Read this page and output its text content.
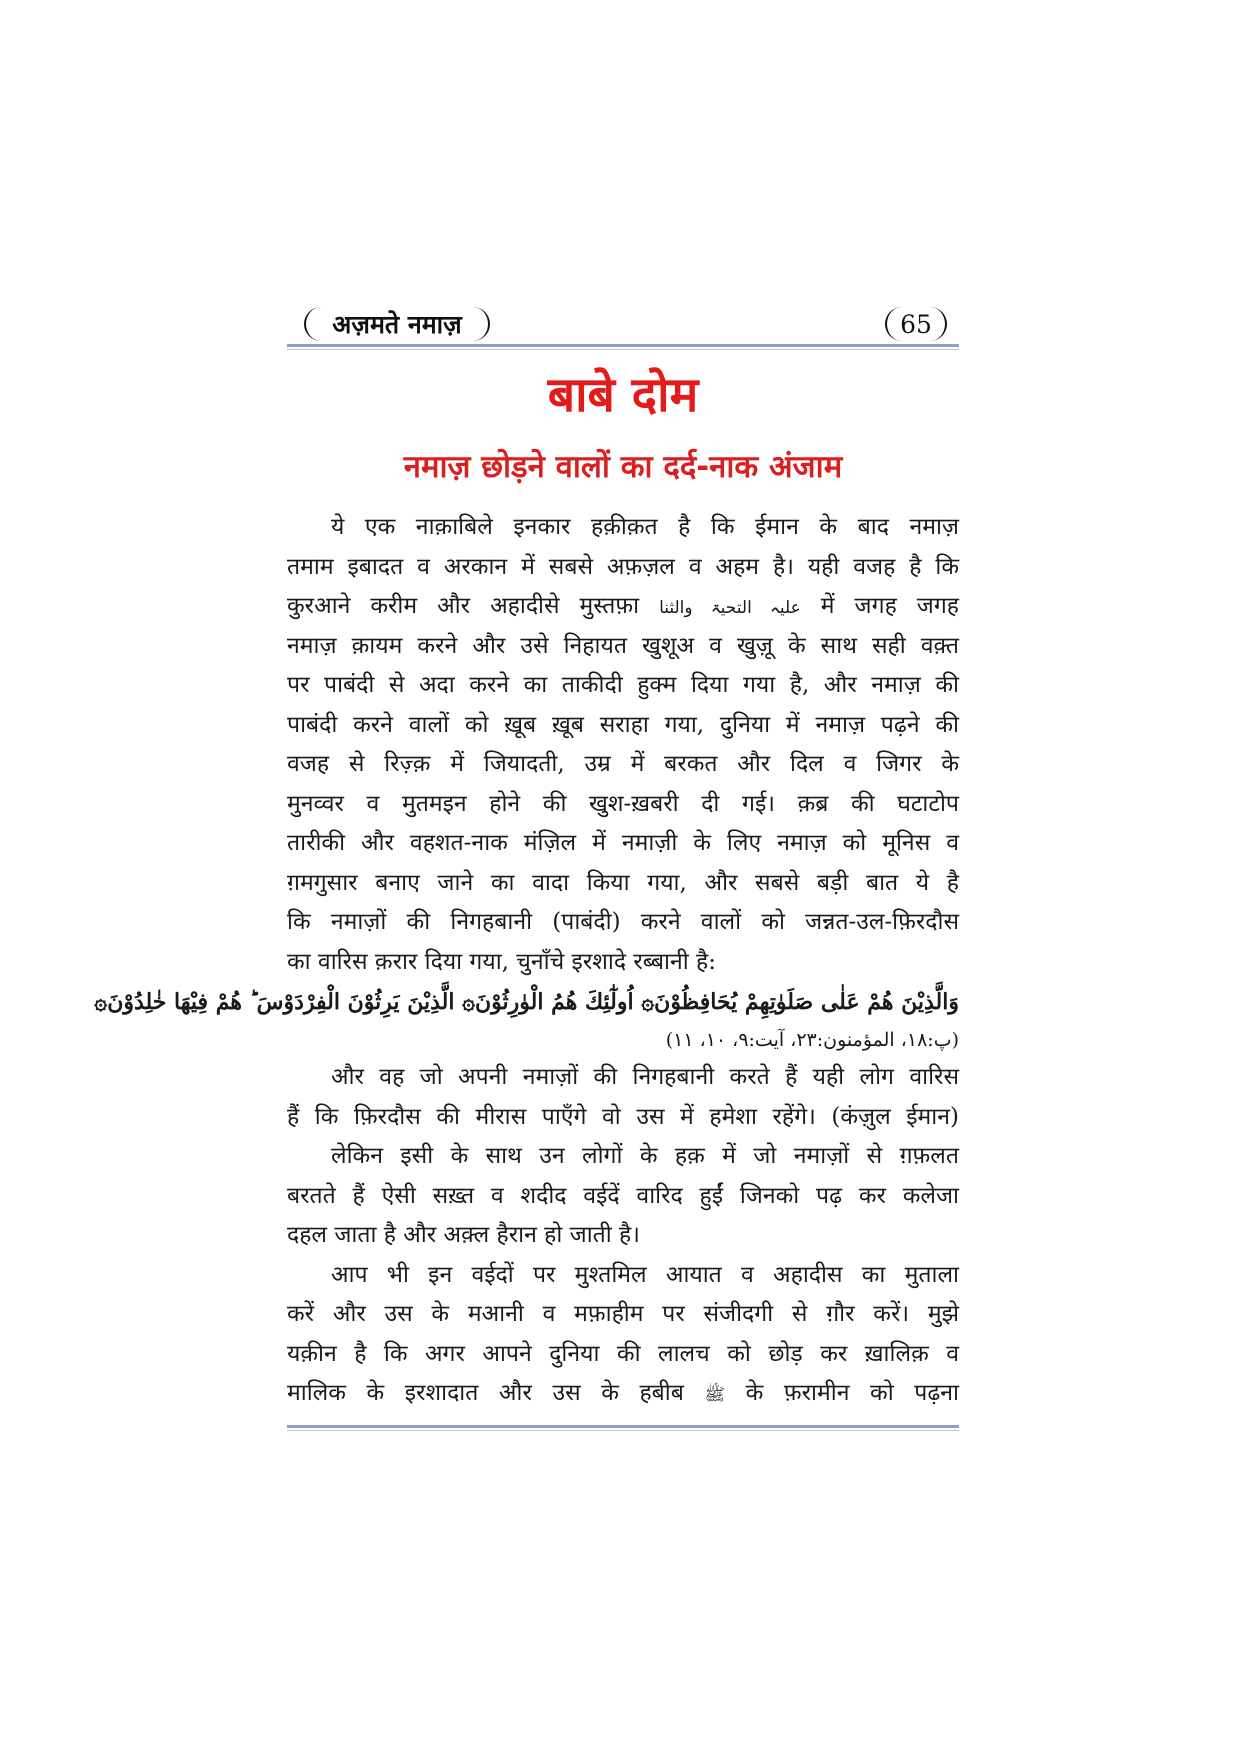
अज़मते नमाज़	65
बाबे दोम
नमाज़ छोड़ने वालों का दर्द-नाक अंजाम
ये एक नाक़ाबिले इनकार हक़ीक़त है कि ईमान के बाद नमाज़
तमाम इबादत व अरकान में सबसे अफ़ज़ल व अहम है। यही वजह है कि
कुरआने करीम और अहादीसे मुस्तफ़ा علیہ التحیۃ والثنا में जगह जगह
नमाज़ क़ायम करने और उसे निहायत खुशूअ व खुज़ू के साथ सही वक़्त
पर पाबंदी से अदा करने का ताकीदी हुक्म दिया गया है, और नमाज़ की
पाबंदी करने वालों को ख़ूब ख़ूब सराहा गया, दुनिया में नमाज़ पढ़ने की
वजह से रिज़्क़ में जियादती, उम्र में बरकत और दिल व जिगर के
मुनव्वर व मुतमइन होने की खुश-ख़बरी दी गई। क़ब्र की घटाटोप
तारीकी और वहशत-नाक मंज़िल में नमाज़ी के लिए नमाज़ को मूनिस व
ग़मगुसार बनाए जाने का वादा किया गया, और सबसे बड़ी बात ये है
कि नमाज़ों की निगहबानी (पाबंदी) करने वालों को जन्नत-उल-फ़िरदौस
का वारिस क़रार दिया गया, चुनाँचे इरशादे रब्बानी है:
وَالَّذِيْنَ هُمْ عَلٰى صَلَوٰتِهِمْ يُحَافِظُوْنَ۞ اُولٰٓئِكَ هُمُ الْوٰرِثُوْنَ۞ الَّذِيْنَ يَرِثُوْنَ الْفِرْدَوْسَ ؕ هُمْ فِيْهَا خٰلِدُوْنَ۞
(پ:۱۸، المؤمنون:۲۳، آیت:۹، ۱۰، ۱۱)
और वह जो अपनी नमाज़ों की निगहबानी करते हैं यही लोग वारिस
हैं कि फ़िरदौस की मीरास पाएँगे वो उस में हमेशा रहेंगे। (कंज़ुल ईमान)
लेकिन इसी के साथ उन लोगों के हक़ में जो नमाज़ों से ग़फ़लत
बरतते हैं ऐसी सख़्त व शदीद वईदें वारिद हुईं जिनको पढ़ कर कलेजा
दहल जाता है और अक़्ल हैरान हो जाती है।
आप भी इन वईदों पर मुश्तमिल आयात व अहादीस का मुताला
करें और उस के मआनी व मफ़ाहीम पर संजीदगी से ग़ौर करें। मुझे
यक़ीन है कि अगर आपने दुनिया की लालच को छोड़ कर ख़ालिक़ व
मालिक के इरशादात और उस के हबीब ﷺ के फ़रामीन को पढ़ना
